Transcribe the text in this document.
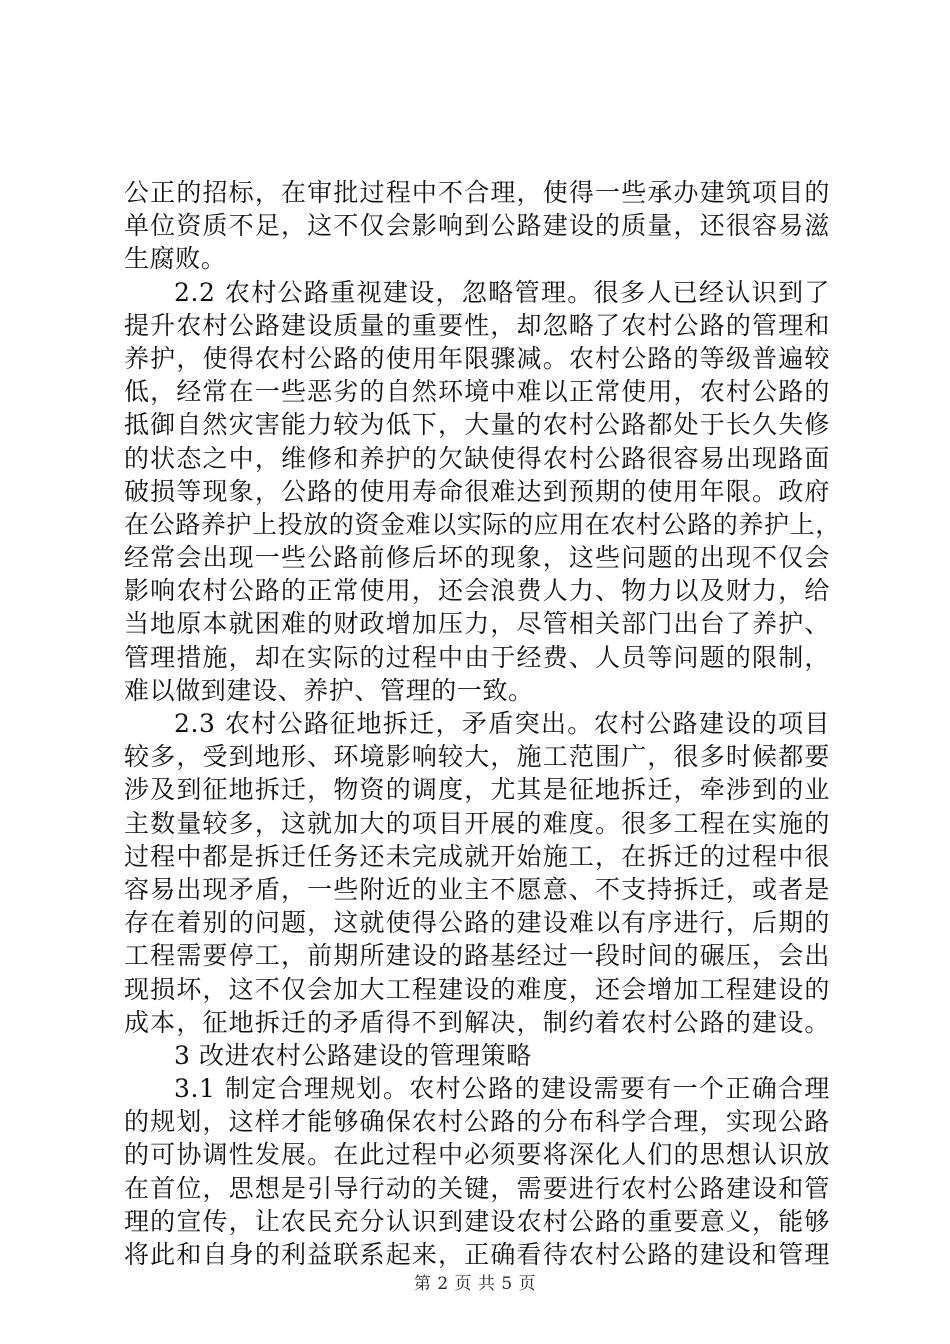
公正的招标，在审批过程中不合理，使得一些承办建筑项目的
单位资质不足，这不仅会影响到公路建设的质量，还很容易滋
生腐败。
2.2 农村公路重视建设，忽略管理。很多人已经认识到了
提升农村公路建设质量的重要性，却忽略了农村公路的管理和
养护，使得农村公路的使用年限骤减。农村公路的等级普遍较
低，经常在一些恶劣的自然环境中难以正常使用，农村公路的
抵御自然灾害能力较为低下，大量的农村公路都处于长久失修
的状态之中，维修和养护的欠缺使得农村公路很容易出现路面
破损等现象，公路的使用寿命很难达到预期的使用年限。政府
在公路养护上投放的资金难以实际的应用在农村公路的养护上，
经常会出现一些公路前修后坏的现象，这些问题的出现不仅会
影响农村公路的正常使用，还会浪费人力、物力以及财力，给
当地原本就困难的财政增加压力，尽管相关部门出台了养护、
管理措施，却在实际的过程中由于经费、人员等问题的限制，
难以做到建设、养护、管理的一致。
2.3 农村公路征地拆迁，矛盾突出。农村公路建设的项目
较多，受到地形、环境影响较大，施工范围广，很多时候都要
涉及到征地拆迁，物资的调度，尤其是征地拆迁，牵涉到的业
主数量较多，这就加大的项目开展的难度。很多工程在实施的
过程中都是拆迁任务还未完成就开始施工，在拆迁的过程中很
容易出现矛盾，一些附近的业主不愿意、不支持拆迁，或者是
存在着别的问题，这就使得公路的建设难以有序进行，后期的
工程需要停工，前期所建设的路基经过一段时间的碾压，会出
现损坏，这不仅会加大工程建设的难度，还会增加工程建设的
成本，征地拆迁的矛盾得不到解决，制约着农村公路的建设。
3 改进农村公路建设的管理策略
3.1 制定合理规划。农村公路的建设需要有一个正确合理
的规划，这样才能够确保农村公路的分布科学合理，实现公路
的可协调性发展。在此过程中必须要将深化人们的思想认识放
在首位，思想是引导行动的关键，需要进行农村公路建设和管
理的宣传，让农民充分认识到建设农村公路的重要意义，能够
将此和自身的利益联系起来，正确看待农村公路的建设和管理
第 2 页 共 5 页
